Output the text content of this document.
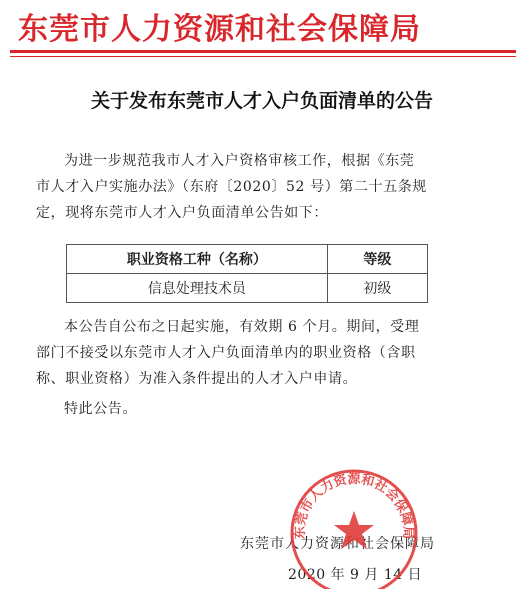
东莞市人力资源和社会保障局
关于发布东莞市人才入户负面清单的公告
为进一步规范我市人才入户资格审核工作，根据《东莞
市人才入户实施办法》（东府〔2020〕52 号）第二十五条规
定，现将东莞市人才入户负面清单公告如下：
职业资格工种（名称）	等级
信息处理技术员	初级
本公告自公布之日起实施，有效期 6 个月。期间，受理
部门不接受以东莞市人才入户负面清单内的职业资格（含职
称、职业资格）为准入条件提出的人才入户申请。
特此公告。
东莞市人力资源和社会保障局
2020 年 9 月 14 日
东莞市人力资源和社会保障局
